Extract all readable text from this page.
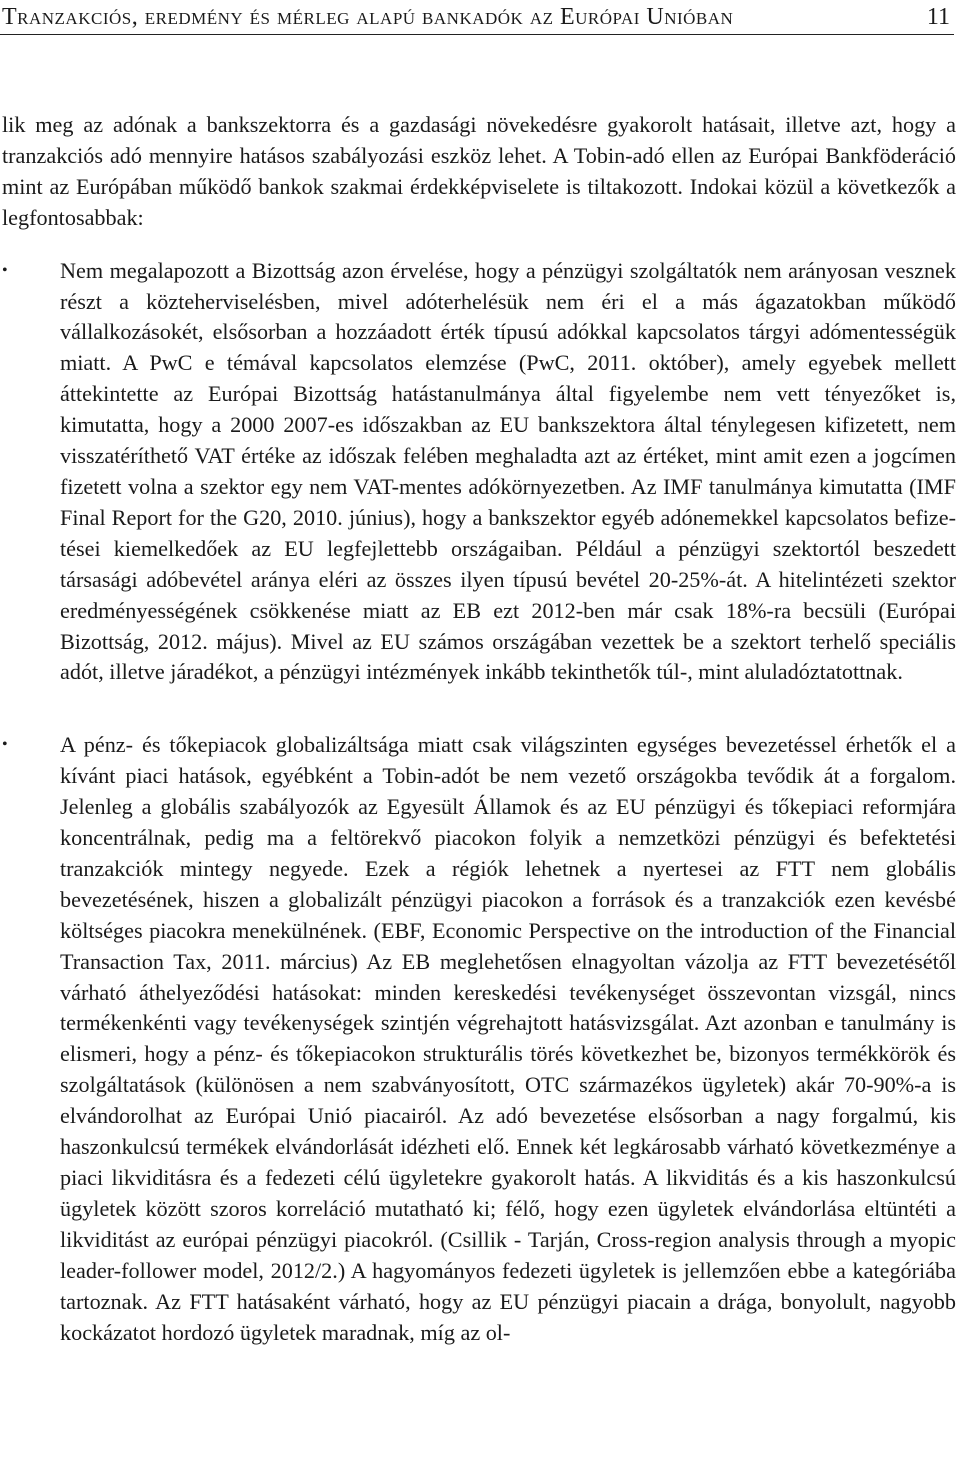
Tranzakciós, eredmény és mérleg alapú bankadók az Európai Unióban	11

lik meg az adónak a bankszektorra és a gazdasági növekedésre gyakorolt hatásait, illetve azt, hogy a tranzakciós adó mennyire hatásos szabályozási eszköz lehet. A Tobin-adó ellen az Európai Bankföderáció mint az Európában működő bankok szakmai érdekképviselete is tiltakozott. Indokai közül a következők a legfontosabbak:

• Nem megalapozott a Bizottság azon érvelése, hogy a pénzügyi szolgáltatók nem arányosan vesznek részt a közteherviselésben, mivel adóterhelésük nem éri el a más ágazatokban működő vállalkozásokét, elsősorban a hozzáadott érték típusú adókkal kapcsolatos tárgyi adómentességük miatt. A PwC e témával kapcsolatos elemzése (PwC, 2011. október), amely egyebek mellett áttekintette az Európai Bizottság hatástanulmánya által figyelembe nem vett tényezőket is, kimutatta, hogy a 2000 2007-es időszakban az EU bankszektora által ténylegesen kifizetett, nem visszatéríthető VAT értéke az időszak felében meghaladta azt az értéket, mint amit ezen a jogcímen fizetett volna a szektor egy nem VAT-mentes adókörnyezetben. Az IMF tanulmánya kimutatta (IMF Final Report for the G20, 2010. június), hogy a bankszektor egyéb adónemekkel kapcsolatos befizetései kiemelkedőek az EU legfejlettebb országaiban. Például a pénzügyi szektortól beszedett társasági adóbevétel aránya eléri az összes ilyen típusú bevétel 20-25%-át. A hitelintézeti szektor eredményességének csökkenése miatt az EB ezt 2012-ben már csak 18%-ra becsüli (Európai Bizottság, 2012. május). Mivel az EU számos országában vezettek be a szektort terhelő speciális adót, illetve járadékot, a pénzügyi intézmények inkább tekinthetők túl-, mint aluladóztatottnak.
• A pénz- és tőkepiacok globalizáltsága miatt csak világszinten egységes bevezetéssel érhetők el a kívánt piaci hatások, egyébként a Tobin-adót be nem vezető országokba tevődik át a forgalom. Jelenleg a globális szabályozók az Egyesült Államok és az EU pénzügyi és tőkepiaci reformjára koncentrálnak, pedig ma a feltörekvő piacokon folyik a nemzetközi pénzügyi és befektetési tranzakciók mintegy negyede. Ezek a régiók lehetnek a nyertesei az FTT nem globális bevezetésének, hiszen a globalizált pénzügyi piacokon a források és a tranzakciók ezen kevésbé költséges piacokra menekülnének. (EBF, Economic Perspective on the introduction of the Financial Transaction Tax, 2011. március) Az EB meglehetősen elnagyoltan vázolja az FTT bevezetésétől várható áthelyeződési hatásokat: minden kereskedési tevékenységet összevontan vizsgál, nincs termékenkénti vagy tevékenységek szintjén végrehajtott hatásvizsgálat. Azt azonban e tanulmány is elismeri, hogy a pénz- és tőkepiacokon strukturális törés következhet be, bizonyos termékkörök és szolgáltatások (különösen a nem szabványosított, OTC származékos ügyletek) akár 70-90%-a is elvándorolhat az Európai Unió piacairól. Az adó bevezetése elsősorban a nagy forgalmú, kis haszonkulcsú termékek elvándorlását idézheti elő. Ennek két legkárosabb várható következménye a piaci likviditásra és a fedezeti célú ügyletekre gyakorolt hatás. A likviditás és a kis haszonkulcsú ügyletek között szoros korreláció mutatható ki; félő, hogy ezen ügyletek elvándorlása eltüntéti a likviditást az európai pénzügyi piacokról. (Csillik - Tarján, Cross-region analysis through a myopic leader-follower model, 2012/2.) A hagyományos fedezeti ügyletek is jellemzően ebbe a kategóriába tartoznak. Az FTT hatásaként várható, hogy az EU pénzügyi piacain a drága, bonyolult, nagyobb kockázatot hordozó ügyletek maradnak, míg az ol-
